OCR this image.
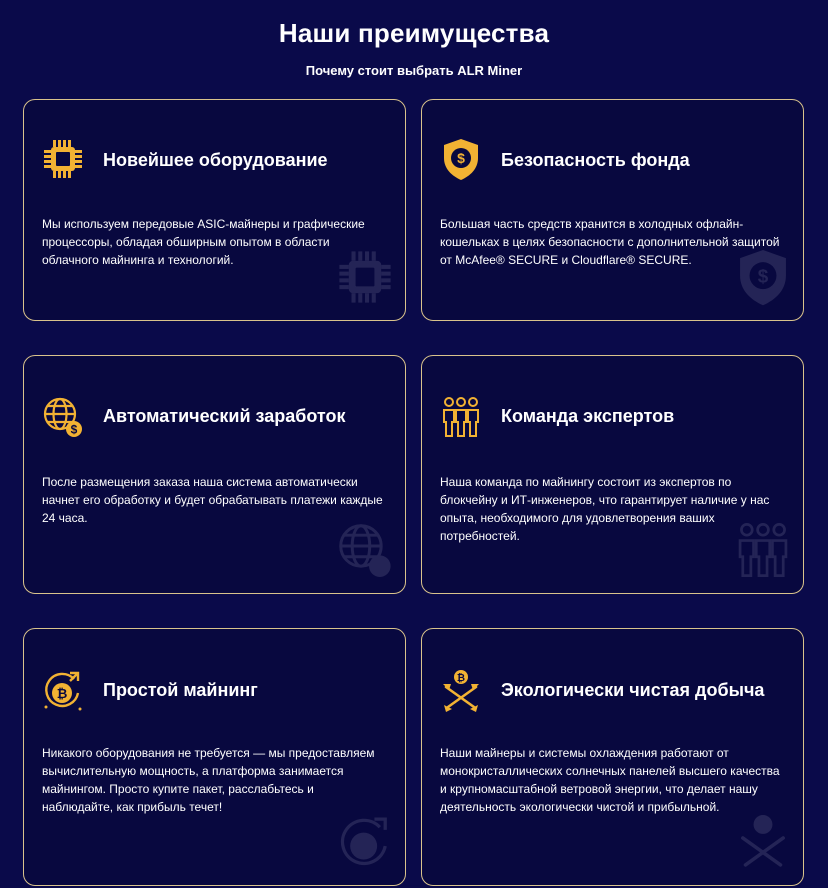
Наши преимущества
Почему стоит выбрать ALR Miner
Новейшее оборудование
Мы используем передовые ASIC-майнеры и графические процессоры, обладая обширным опытом в области облачного майнинга и технологий.
$ Безопасность фонда
Большая часть средств хранится в холодных офлайн-кошельках в целях безопасности с дополнительной защитой от McAfee® SECURE и Cloudflare® SECURE.
$
$
Автоматический заработок
После размещения заказа наша система автоматически начнет его обработку и будет обрабатывать платежи каждые 24 часа.
Команда экспертов
Наша команда по майнингу состоит из экспертов по блокчейну и ИТ-инженеров, что гарантирует наличие у нас опыта, необходимого для удовлетворения ваших потребностей.
₿ Простой майнинг
Никакого оборудования не требуется — мы предоставляем вычислительную мощность, а платформа занимается майнингом. Просто купите пакет, расслабьтесь и наблюдайте, как прибыль течет!
₿
Экологически чистая добыча
Наши майнеры и системы охлаждения работают от монокристаллических солнечных панелей высшего качества и крупномасштабной ветровой энергии, что делает нашу деятельность экологически чистой и прибыльной.
